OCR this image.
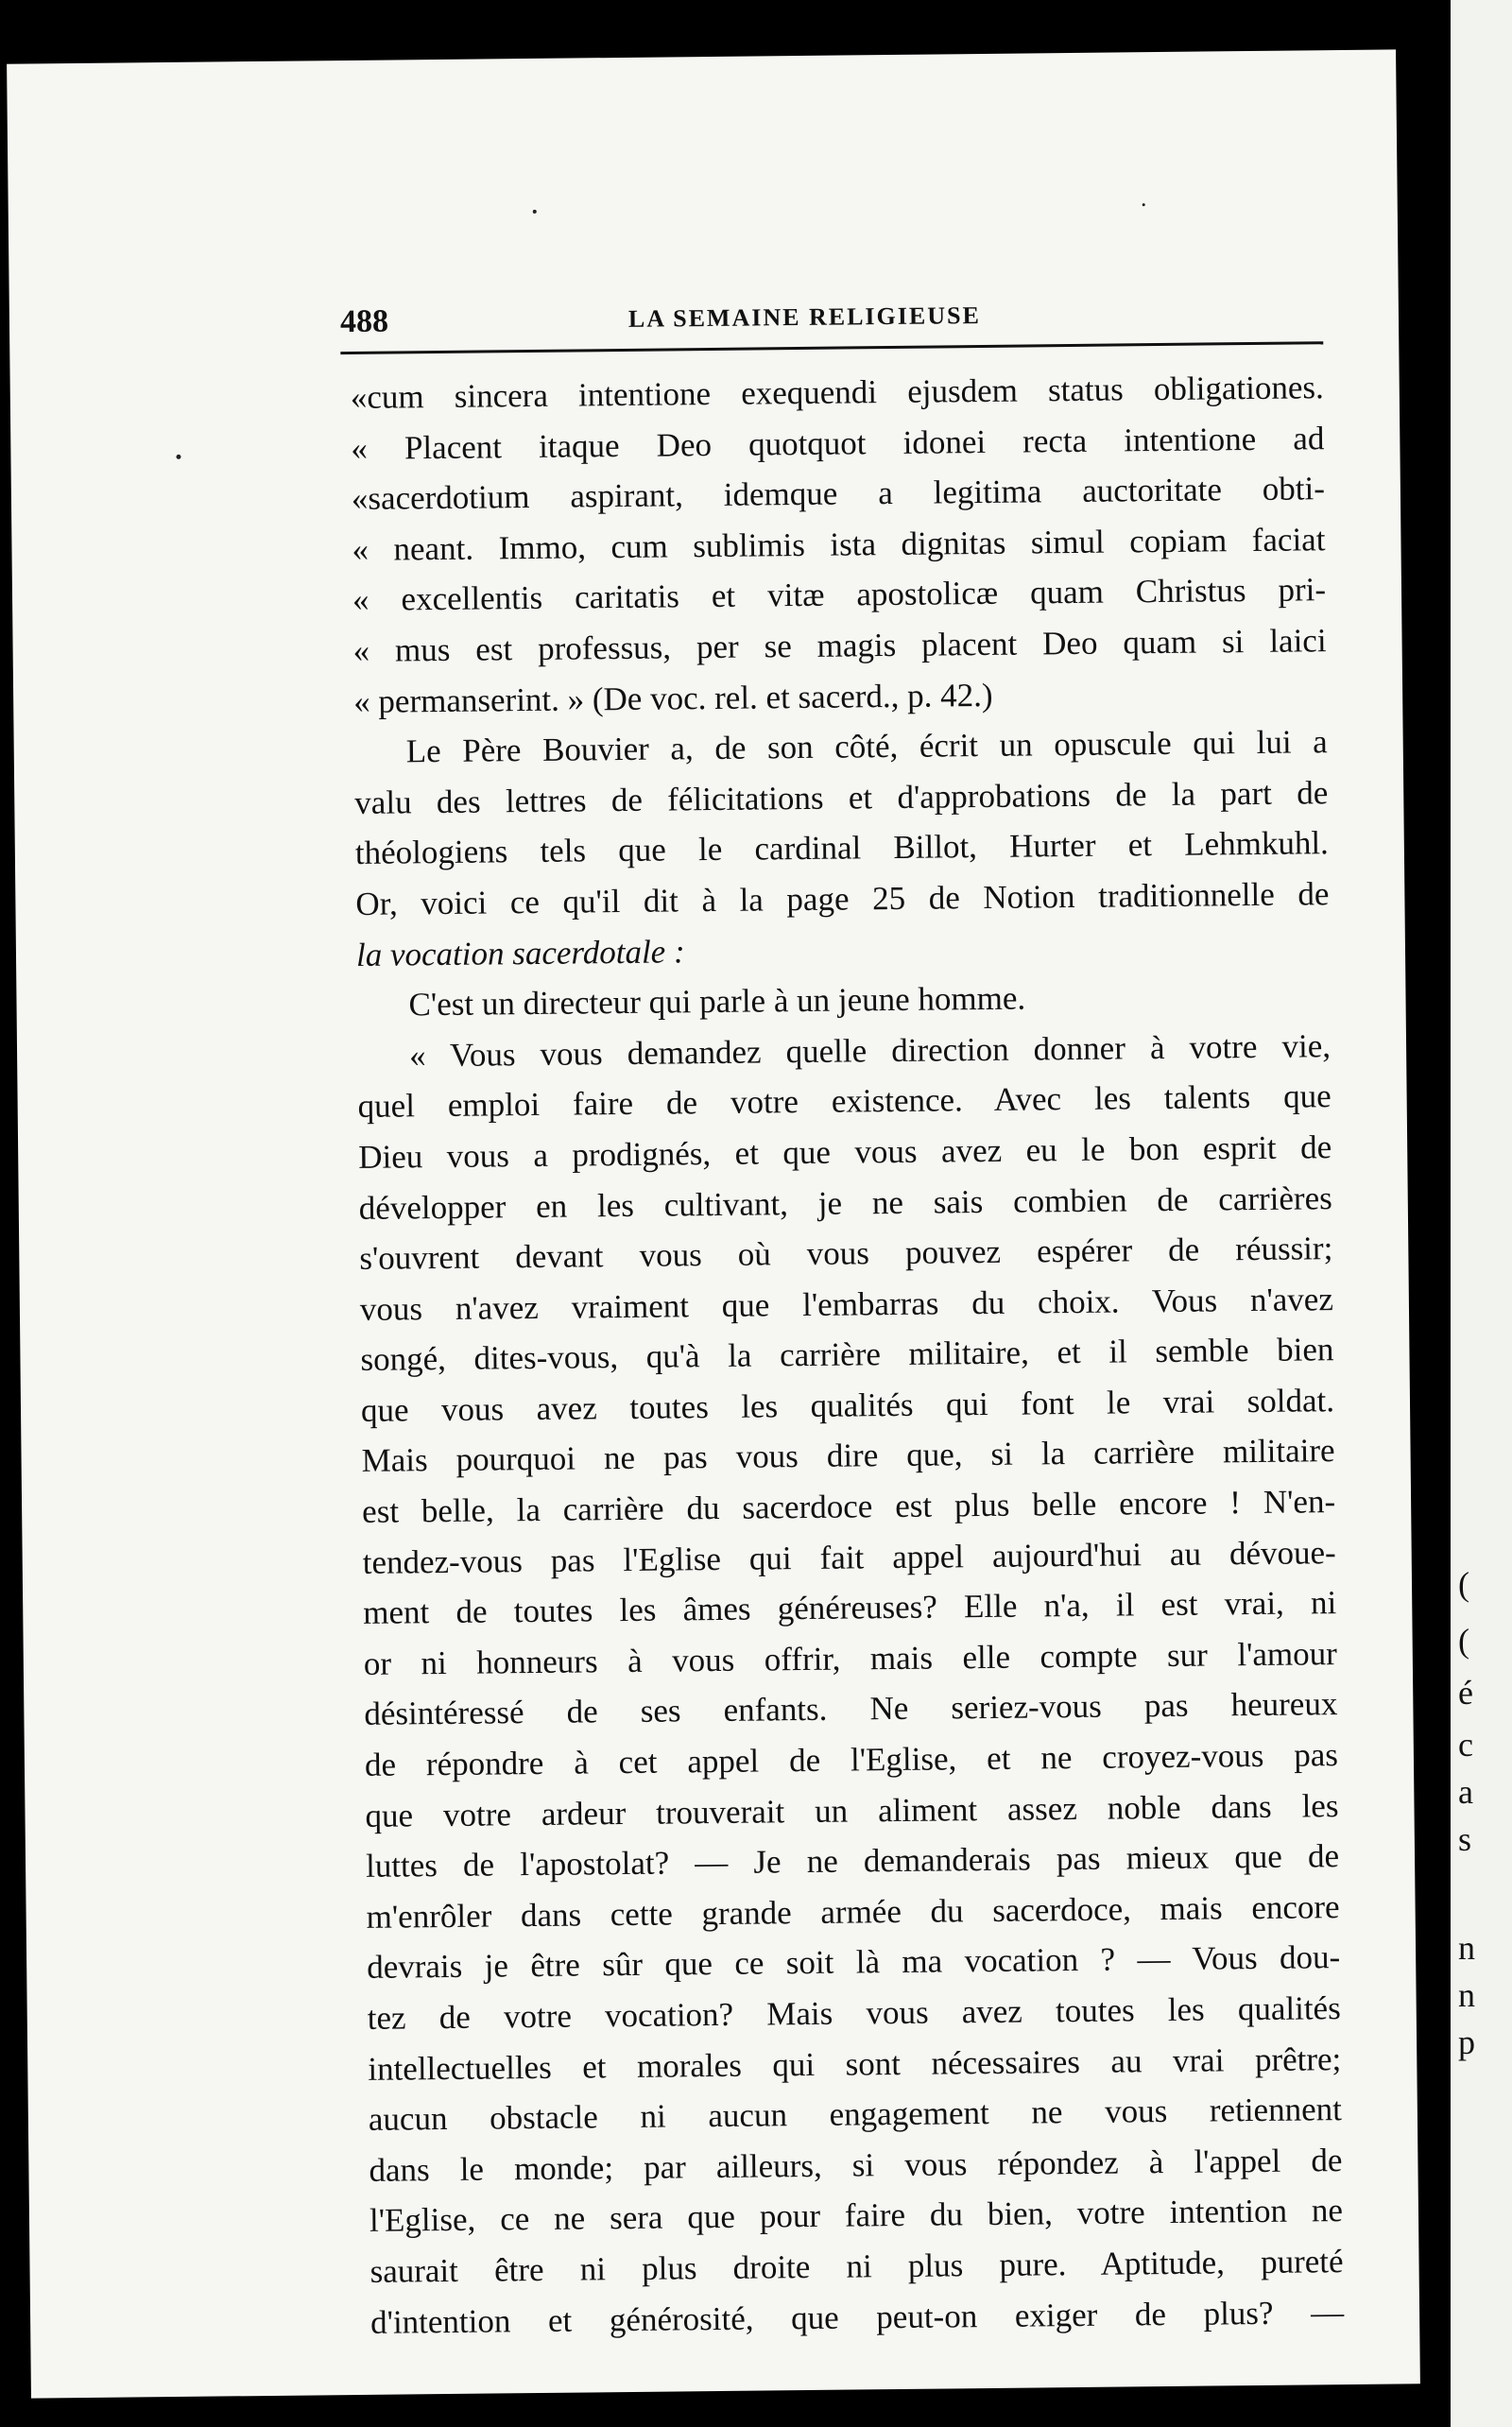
488	LA SEMAINE RELIGIEUSE
«cum sincera intentione exequendi ejusdem status obligationes.
« Placent itaque Deo quotquot idonei recta intentione ad
«sacerdotium aspirant, idemque a legitima auctoritate obti-
« neant. Immo, cum sublimis ista dignitas simul copiam faciat
« excellentis caritatis et vitæ apostolicæ quam Christus pri-
« mus est professus, per se magis placent Deo quam si laici
« permanserint. » (De voc. rel. et sacerd., p. 42.)
Le Père Bouvier a, de son côté, écrit un opuscule qui lui a
valu des lettres de félicitations et d'approbations de la part de
théologiens tels que le cardinal Billot, Hurter et Lehmkuhl.
Or, voici ce qu'il dit à la page 25 de Notion traditionnelle de
la vocation sacerdotale :
C'est un directeur qui parle à un jeune homme.
« Vous vous demandez quelle direction donner à votre vie,
quel emploi faire de votre existence. Avec les talents que
Dieu vous a prodignés, et que vous avez eu le bon esprit de
développer en les cultivant, je ne sais combien de carrières
s'ouvrent devant vous où vous pouvez espérer de réussir;
vous n'avez vraiment que l'embarras du choix. Vous n'avez
songé, dites-vous, qu'à la carrière militaire, et il semble bien
que vous avez toutes les qualités qui font le vrai soldat.
Mais pourquoi ne pas vous dire que, si la carrière militaire
est belle, la carrière du sacerdoce est plus belle encore ! N'en-
tendez-vous pas l'Eglise qui fait appel aujourd'hui au dévoue-
ment de toutes les âmes généreuses? Elle n'a, il est vrai, ni
or ni honneurs à vous offrir, mais elle compte sur l'amour
désintéressé de ses enfants. Ne seriez-vous pas heureux
de répondre à cet appel de l'Eglise, et ne croyez-vous pas
que votre ardeur trouverait un aliment assez noble dans les
luttes de l'apostolat? — Je ne demanderais pas mieux que de
m'enrôler dans cette grande armée du sacerdoce, mais encore
devrais je être sûr que ce soit là ma vocation ? — Vous dou-
tez de votre vocation? Mais vous avez toutes les qualités
intellectuelles et morales qui sont nécessaires au vrai prêtre;
aucun obstacle ni aucun engagement ne vous retiennent
dans le monde; par ailleurs, si vous répondez à l'appel de
l'Eglise, ce ne sera que pour faire du bien, votre intention ne
saurait être ni plus droite ni plus pure. Aptitude, pureté
d'intention et générosité, que peut-on exiger de plus? —
(
(
é
c
a
s
n
n
p
